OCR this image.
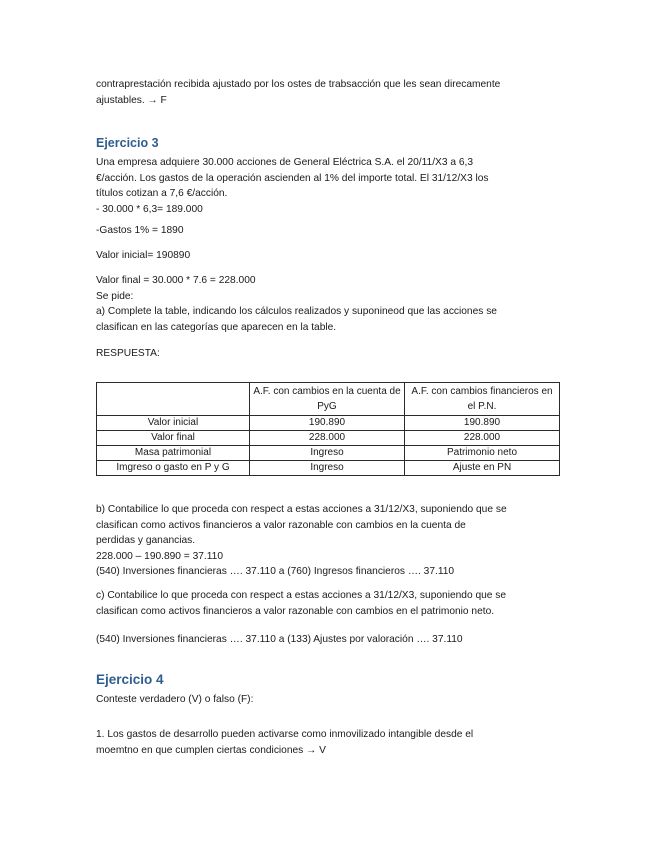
contraprestación recibida ajustado por los ostes de trabsacción que les sean direcamente
ajustables. → F

Ejercicio 3

Una empresa adquiere 30.000 acciones de General Eléctrica S.A. el 20/11/X3 a 6,3
€/acción. Los gastos de la operación ascienden al 1% del importe total. El 31/12/X3 los
títulos cotizan a 7,6 €/acción.
- 30.000 * 6,3= 189.000

-Gastos 1% = 1890

Valor inicial= 190890

Valor final = 30.000 * 7.6 = 228.000
Se pide:
a) Complete la table, indicando los cálculos realizados y suponineod que las acciones se
clasifican en las categorías que aparecen en la table.

RESPUESTA:

	A.F. con cambios en la cuenta de PyG	A.F. con cambios financieros en el P.N.
Valor inicial	190.890	190.890
Valor final	228.000	228.000
Masa patrimonial	Ingreso	Patrimonio neto
Imgreso o gasto en P y G	Ingreso	Ajuste en PN

b) Contabilice lo que proceda con respect a estas acciones a 31/12/X3, suponiendo que se
clasifican como activos financieros a valor razonable con cambios en la cuenta de
perdidas y ganancias.
228.000 – 190.890 = 37.110
(540) Inversiones financieras …. 37.110 a (760) Ingresos financieros …. 37.110

c) Contabilice lo que proceda con respect a estas acciones a 31/12/X3, suponiendo que se
clasifican como activos financieros a valor razonable con cambios en el patrimonio neto.

(540) Inversiones financieras …. 37.110 a (133) Ajustes por valoración …. 37.110

Ejercicio 4

Conteste verdadero (V) o falso (F):

1. Los gastos de desarrollo pueden activarse como inmovilizado intangible desde el
moemtno en que cumplen ciertas condiciones → V
